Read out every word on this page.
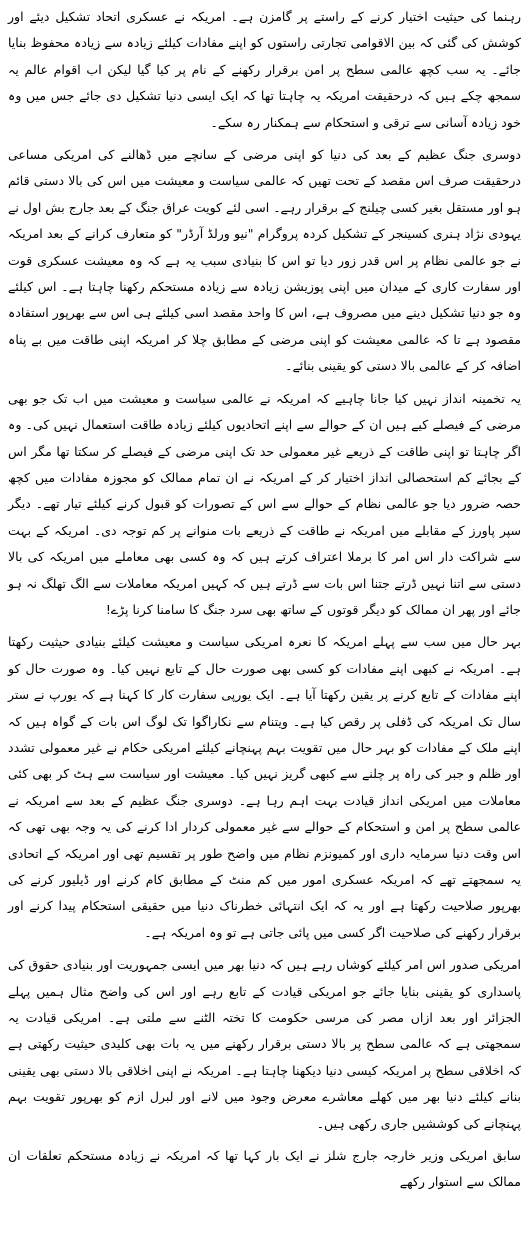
رہنما کی حیثیت اختیار کرنے کے راستے پر گامزن ہے۔ امریکہ نے عسکری اتحاد تشکیل دیئے اور کوشش کی گئی کہ بین الاقوامی تجارتی راستوں کو اپنے مفادات کیلئے زیادہ سے زیادہ محفوظ بنایا جائے۔ یہ سب کچھ عالمی سطح پر امن برقرار رکھنے کے نام پر کیا گیا لیکن اب اقوام عالم یہ سمجھ چکے ہیں کہ درحقیقت امریکہ یہ چاہتا تھا کہ ایک ایسی دنیا تشکیل دی جائے جس میں وہ خود زیادہ آسانی سے ترقی و استحکام سے ہمکنار رہ سکے۔

دوسری جنگ عظیم کے بعد کی دنیا کو اپنی مرضی کے سانچے میں ڈھالنے کی امریکی مساعی درحقیقت صرف اس مقصد کے تحت تھیں کہ عالمی سیاست و معیشت میں اس کی بالا دستی قائم ہو اور مستقل بغیر کسی چیلنج کے برقرار رہے۔ اسی لئے کویت عراق جنگ کے بعد جارج بش اول نے یہودی نژاد ہنری کسینجر کے تشکیل کردہ پروگرام "نیو ورلڈ آرڈر" کو متعارف کرانے کے بعد امریکہ نے جو عالمی نظام پر اس قدر زور دیا تو اس کا بنیادی سبب یہ ہے کہ وہ معیشت عسکری قوت اور سفارت کاری کے میدان میں اپنی پوزیشن زیادہ سے زیادہ مستحکم رکھنا چاہتا ہے۔ اس کیلئے وہ جو دنیا تشکیل دینے میں مصروف ہے، اس کا واحد مقصد اسی کیلئے ہی اس سے بھرپور استفادہ مقصود ہے تا کہ عالمی معیشت کو اپنی مرضی کے مطابق چلا کر امریکہ اپنی طاقت میں بے پناہ اضافہ کر کے عالمی بالا دستی کو یقینی بنائے۔

یہ تخمینہ انداز نہیں کیا جانا چاہیے کہ امریکہ نے عالمی سیاست و معیشت میں اب تک جو بھی مرضی کے فیصلے کیے ہیں ان کے حوالے سے اپنے اتحادیوں کیلئے زیادہ طاقت استعمال نہیں کی۔ وہ اگر چاہتا تو اپنی طاقت کے ذریعے غیر معمولی حد تک اپنی مرضی کے فیصلے کر سکتا تھا مگر اس کے بجائے کم استحصالی انداز اختیار کر کے امریکہ نے ان تمام ممالک کو مجوزہ مفادات میں کچھ حصہ ضرور دیا جو عالمی نظام کے حوالے سے اس کے تصورات کو قبول کرنے کیلئے تیار تھے۔ دیگر سپر پاورز کے مقابلے میں امریکہ نے طاقت کے ذریعے بات منوانے پر کم توجہ دی۔ امریکہ کے بہت سے شراکت دار اس امر کا برملا اعتراف کرتے ہیں کہ وہ کسی بھی معاملے میں امریکہ کی بالا دستی سے اتنا نہیں ڈرتے جتنا اس بات سے ڈرتے ہیں کہ کہیں امریکہ معاملات سے الگ تھلگ نہ ہو جائے اور پھر ان ممالک کو دیگر قوتوں کے ساتھ بھی سرد جنگ کا سامنا کرنا پڑے!

بہر حال میں سب سے پہلے امریکہ کا نعرہ امریکی سیاست و معیشت کیلئے بنیادی حیثیت رکھتا ہے۔ امریکہ نے کبھی اپنے مفادات کو کسی بھی صورت حال کے تابع نہیں کیا۔ وہ صورت حال کو اپنے مفادات کے تابع کرنے پر یقین رکھتا آیا ہے۔ ایک یورپی سفارت کار کا کہنا ہے کہ یورپ نے ستر سال تک امریکہ کی ڈفلی پر رقص کیا ہے۔ ویتنام سے نکاراگوا تک لوگ اس بات کے گواہ ہیں کہ اپنے ملک کے مفادات کو بہر حال میں تقویت بہم پہنچانے کیلئے امریکی حکام نے غیر معمولی تشدد اور ظلم و جبر کی راہ پر چلنے سے کبھی گریز نہیں کیا۔ معیشت اور سیاست سے ہٹ کر بھی کئی معاملات میں امریکی انداز قیادت بہت اہم رہا ہے۔ دوسری جنگ عظیم کے بعد سے امریکہ نے عالمی سطح پر امن و استحکام کے حوالے سے غیر معمولی کردار ادا کرنے کی یہ وجہ بھی تھی کہ اس وقت دنیا سرمایہ داری اور کمیونزم نظام میں واضح طور پر تقسیم تھی اور امریکہ کے اتحادی یہ سمجھتے تھے کہ امریکہ عسکری امور میں کم منٹ کے مطابق کام کرنے اور ڈیلیور کرنے کی بھرپور صلاحیت رکھتا ہے اور یہ کہ ایک انتہائی خطرناک دنیا میں حقیقی استحکام پیدا کرنے اور برقرار رکھنے کی صلاحیت اگر کسی میں پائی جاتی ہے تو وہ امریکہ ہے۔

امریکی صدور اس امر کیلئے کوشاں رہے ہیں کہ دنیا بھر میں ایسی جمہوریت اور بنیادی حقوق کی پاسداری کو یقینی بنایا جائے جو امریکی قیادت کے تابع رہے اور اس کی واضح مثال ہمیں پہلے الجزائر اور بعد ازاں مصر کی مرسی حکومت کا تختہ الٹنے سے ملتی ہے۔ امریکی قیادت یہ سمجھتی ہے کہ عالمی سطح پر بالا دستی برقرار رکھنے میں یہ بات بھی کلیدی حیثیت رکھتی ہے کہ اخلاقی سطح پر امریکہ کیسی دنیا دیکھنا چاہتا ہے۔ امریکہ نے اپنی اخلاقی بالا دستی بھی یقینی بنانے کیلئے دنیا بھر میں کھلے معاشرے معرض وجود میں لانے اور لبرل ازم کو بھرپور تقویت بہم پہنچانے کی کوششیں جاری رکھی ہیں۔

سابق امریکی وزیر خارجہ جارج شلز نے ایک بار کہا تھا کہ امریکہ نے زیادہ مستحکم تعلقات ان ممالک سے استوار رکھے
